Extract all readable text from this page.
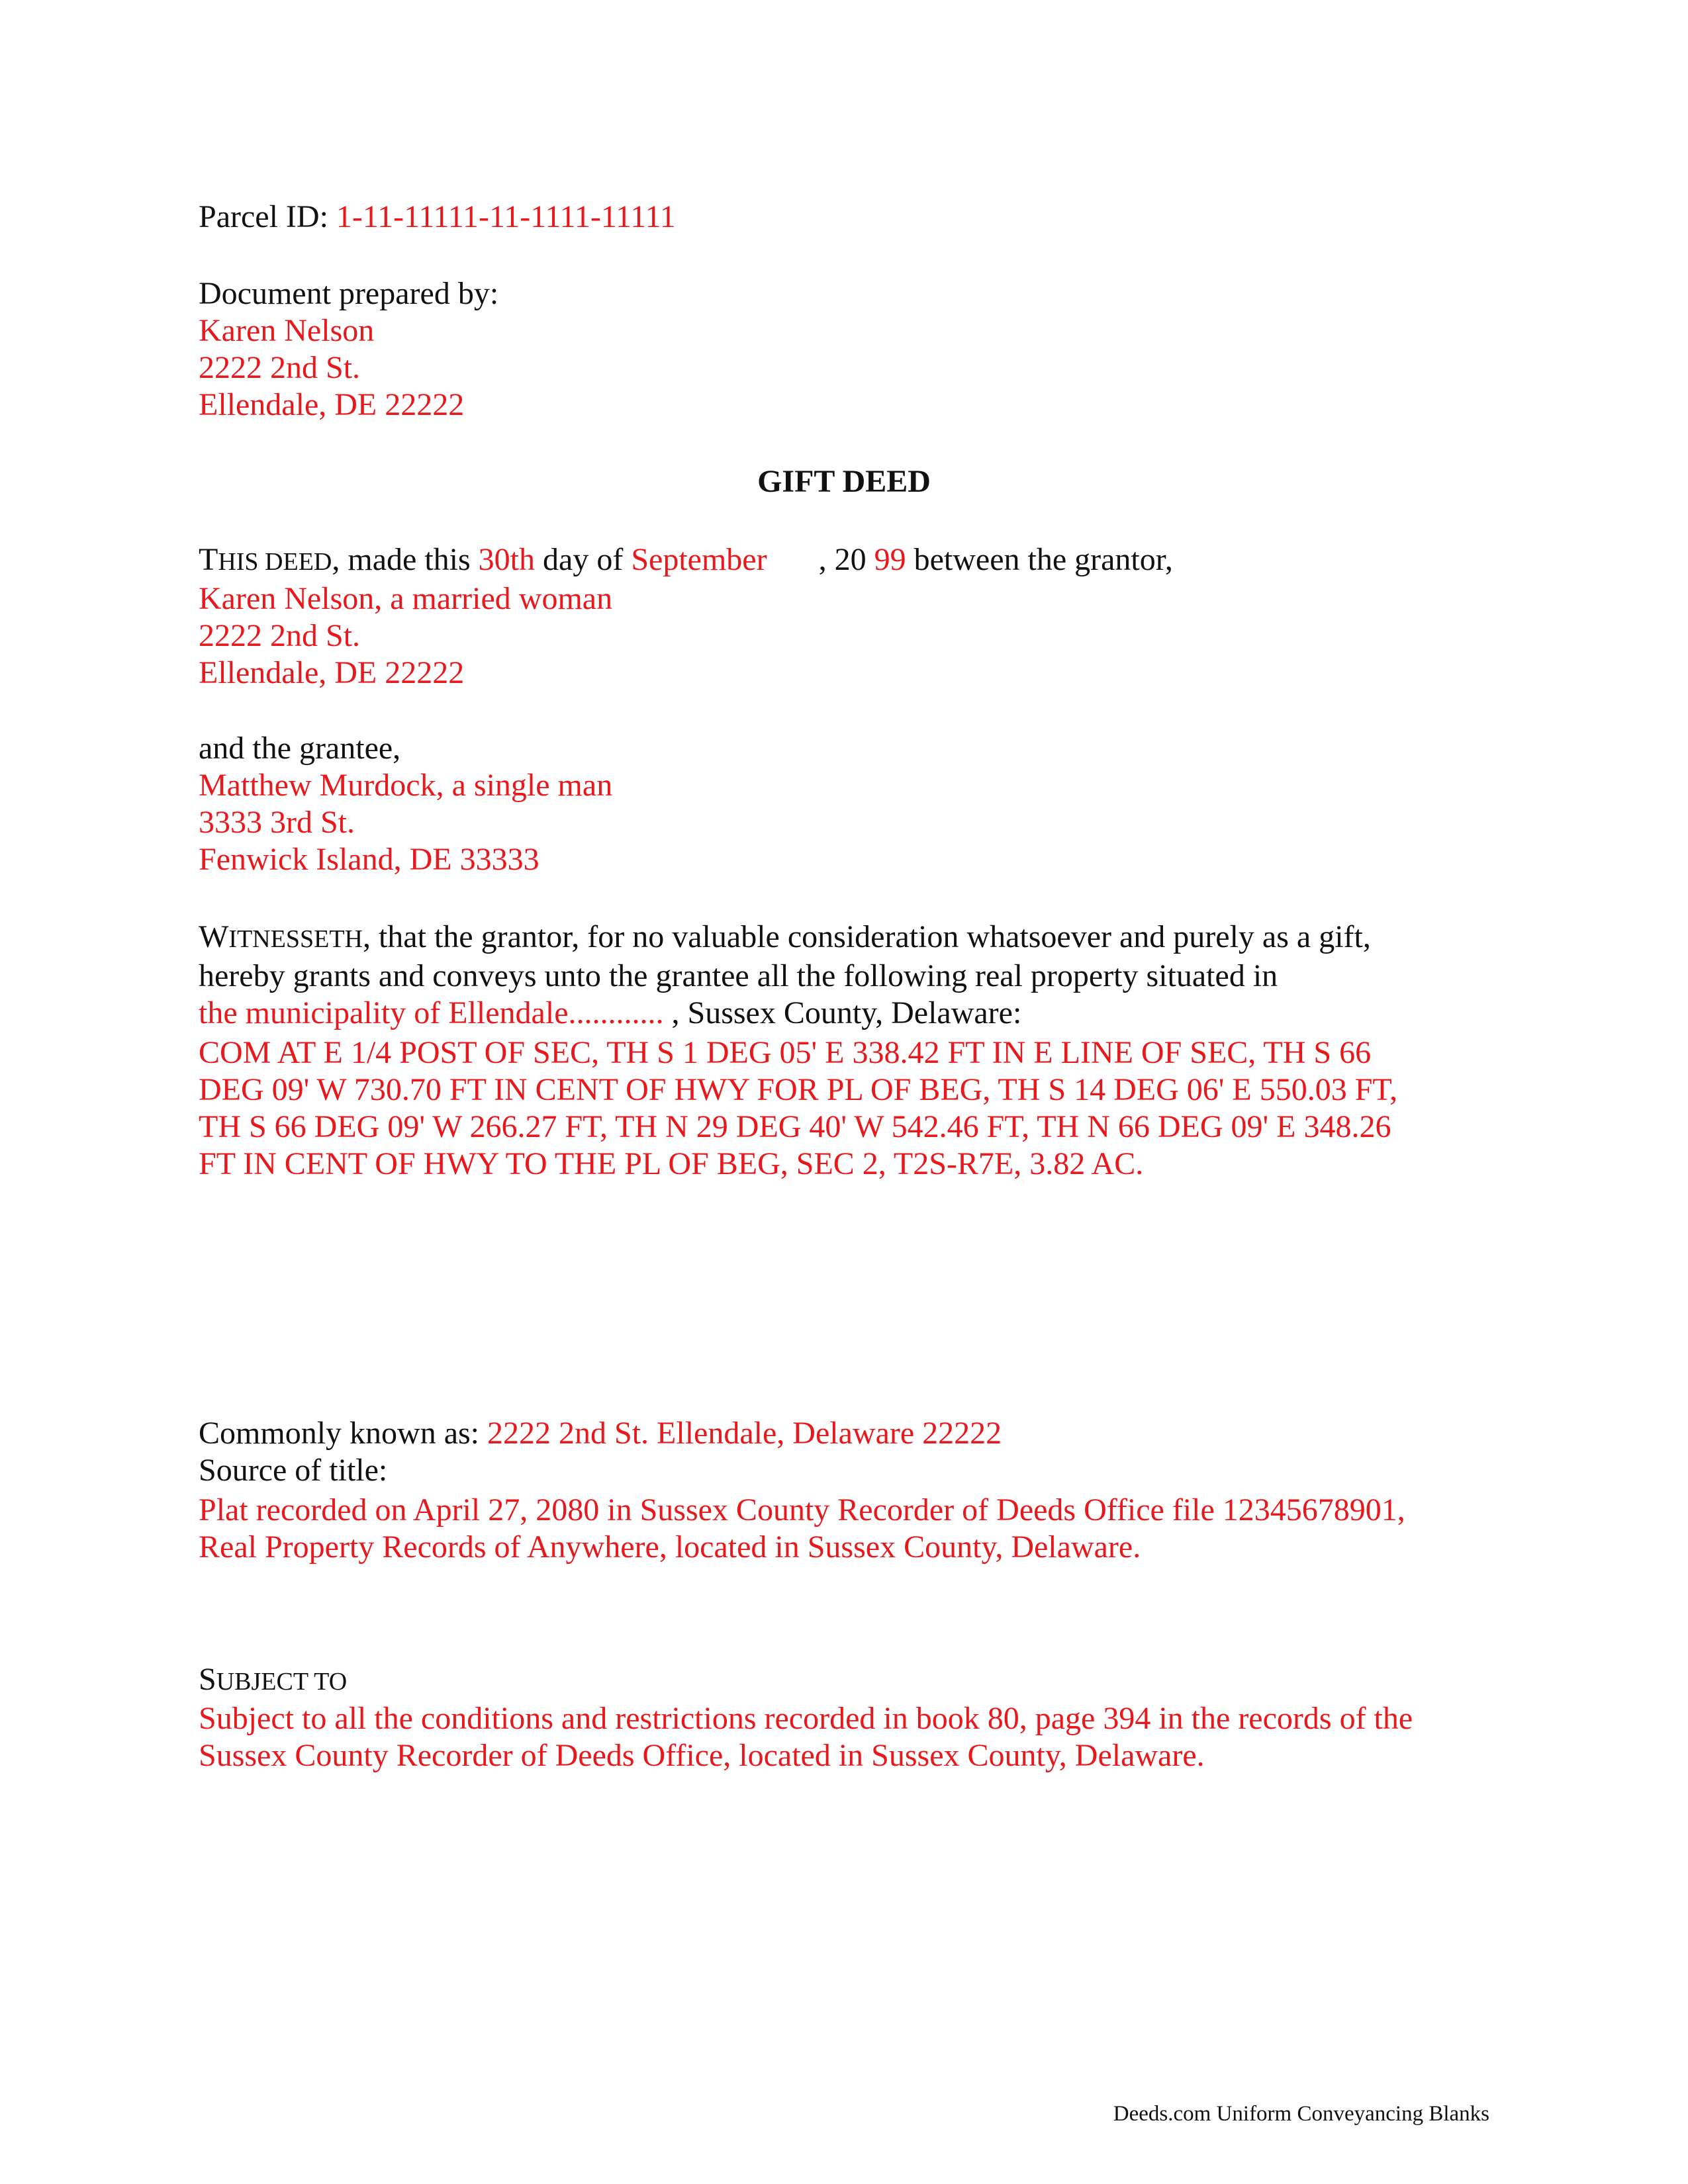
Parcel ID: 1-11-11111-11-1111-11111

Document prepared by:
Karen Nelson
2222 2nd St.
Ellendale, DE 22222
GIFT DEED
THIS DEED, made this 30th day of September , 20 99 between the grantor,
Karen Nelson, a married woman
2222 2nd St.
Ellendale, DE 22222
and the grantee,
Matthew Murdock, a single man
3333 3rd St.
Fenwick Island, DE 33333
WITNESSETH, that the grantor, for no valuable consideration whatsoever and purely as a gift,
hereby grants and conveys unto the grantee all the following real property situated in
the municipality of Ellendale............ , Sussex County, Delaware:
COM AT E 1/4 POST OF SEC, TH S 1 DEG 05' E 338.42 FT IN E LINE OF SEC, TH S 66
DEG 09' W 730.70 FT IN CENT OF HWY FOR PL OF BEG, TH S 14 DEG 06' E 550.03 FT,
TH S 66 DEG 09' W 266.27 FT, TH N 29 DEG 40' W 542.46 FT, TH N 66 DEG 09' E 348.26
FT IN CENT OF HWY TO THE PL OF BEG, SEC 2, T2S-R7E, 3.82 AC.
Commonly known as: 2222 2nd St. Ellendale, Delaware 22222
Source of title:
Plat recorded on April 27, 2080 in Sussex County Recorder of Deeds Office file 12345678901,
Real Property Records of Anywhere, located in Sussex County, Delaware.
SUBJECT TO
Subject to all the conditions and restrictions recorded in book 80, page 394 in the records of the
Sussex County Recorder of Deeds Office, located in Sussex County, Delaware.
Deeds.com Uniform Conveyancing Blanks
